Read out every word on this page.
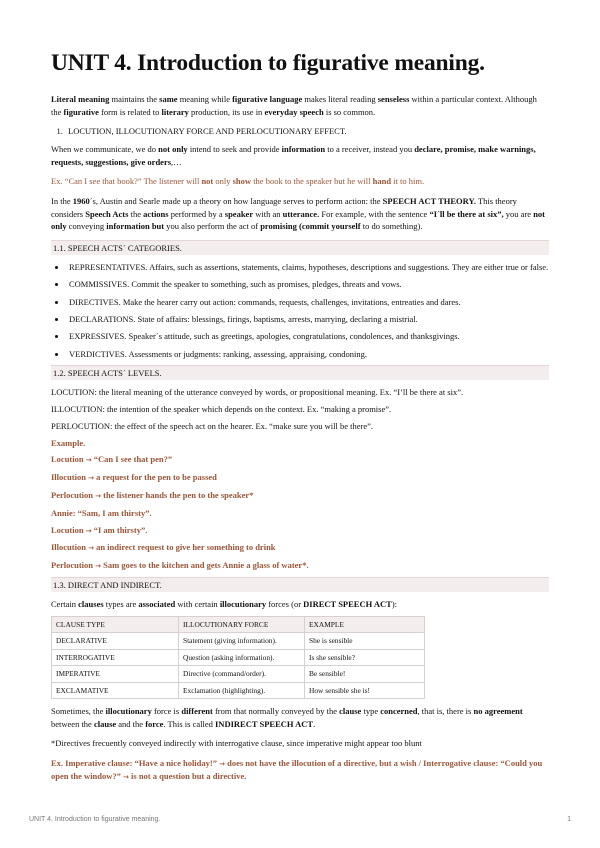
UNIT 4. Introduction to figurative meaning.

Literal meaning maintains the same meaning while figurative language makes literal reading senseless within a particular context. Although the figurative form is related to literary production, its use in everyday speech is so common.

1. LOCUTION, ILLOCUTIONARY FORCE AND PERLOCUTIONARY EFFECT.

When we communicate, we do not only intend to seek and provide information to a receiver, instead you declare, promise, make warnings, requests, suggestions, give orders,…

Ex. “Can I see that book?” The listener will not only show the book to the speaker but he will hand it to him.

In the 1960´s, Austin and Searle made up a theory on how language serves to perform action: the SPEECH ACT THEORY. This theory considers Speech Acts the actions performed by a speaker with an utterance. For example, with the sentence “I´ll be there at six”, you are not only conveying information but you also perform the act of promising (commit yourself to do something).

1.1. SPEECH ACTS´ CATEGORIES.
• REPRESENTATIVES. Affairs, such as assertions, statements, claims, hypotheses, descriptions and suggestions. They are either true or false.
• COMMISSIVES. Commit the speaker to something, such as promises, pledges, threats and vows.
• DIRECTIVES. Make the hearer carry out action: commands, requests, challenges, invitations, entreaties and dares.
• DECLARATIONS. State of affairs: blessings, firings, baptisms, arrests, marrying, declaring a mistrial.
• EXPRESSIVES. Speaker´s attitude, such as greetings, apologies, congratulations, condolences, and thanksgivings.
• VERDICTIVES. Assessments or judgments: ranking, assessing, appraising, condoning.
1.2. SPEECH ACTS´ LEVELS.

LOCUTION: the literal meaning of the utterance conveyed by words, or propositional meaning. Ex. “I’ll be there at six”.

ILLOCUTION: the intention of the speaker which depends on the context. Ex. “making a promise”.

PERLOCUTION: the effect of the speech act on the hearer. Ex. “make sure you will be there”.

Example.

Locution → “Can I see that pen?”

Illocution → a request for the pen to be passed

Perlocution → the listener hands the pen to the speaker*

Annie: “Sam, I am thirsty”.

Locution → “I am thirsty”.

Illocution → an indirect request to give her something to drink

Perlocution → Sam goes to the kitchen and gets Annie a glass of water*.

1.3. DIRECT AND INDIRECT.

Certain clauses types are associated with certain illocutionary forces (or DIRECT SPEECH ACT):

CLAUSE TYPE	ILLOCUTIONARY FORCE	EXAMPLE
DECLARATIVE	Statement (giving information).	She is sensible
INTERROGATIVE	Question (asking information).	Is she sensible?
IMPERATIVE	Directive (command/order).	Be sensible!
EXCLAMATIVE	Exclamation (highlighting).	How sensible she is!

Sometimes, the illocutionary force is different from that normally conveyed by the clause type concerned, that is, there is no agreement between the clause and the force. This is called INDIRECT SPEECH ACT.

*Directives frecuently conveyed indirectly with interrogative clause, since imperative might appear too blunt

Ex. Imperative clause: “Have a nice holiday!” → does not have the illocution of a directive, but a wish / Interrogative clause: “Could you open the window?” → is not a question but a directive.

UNIT 4. Introduction to figurative meaning.	1
